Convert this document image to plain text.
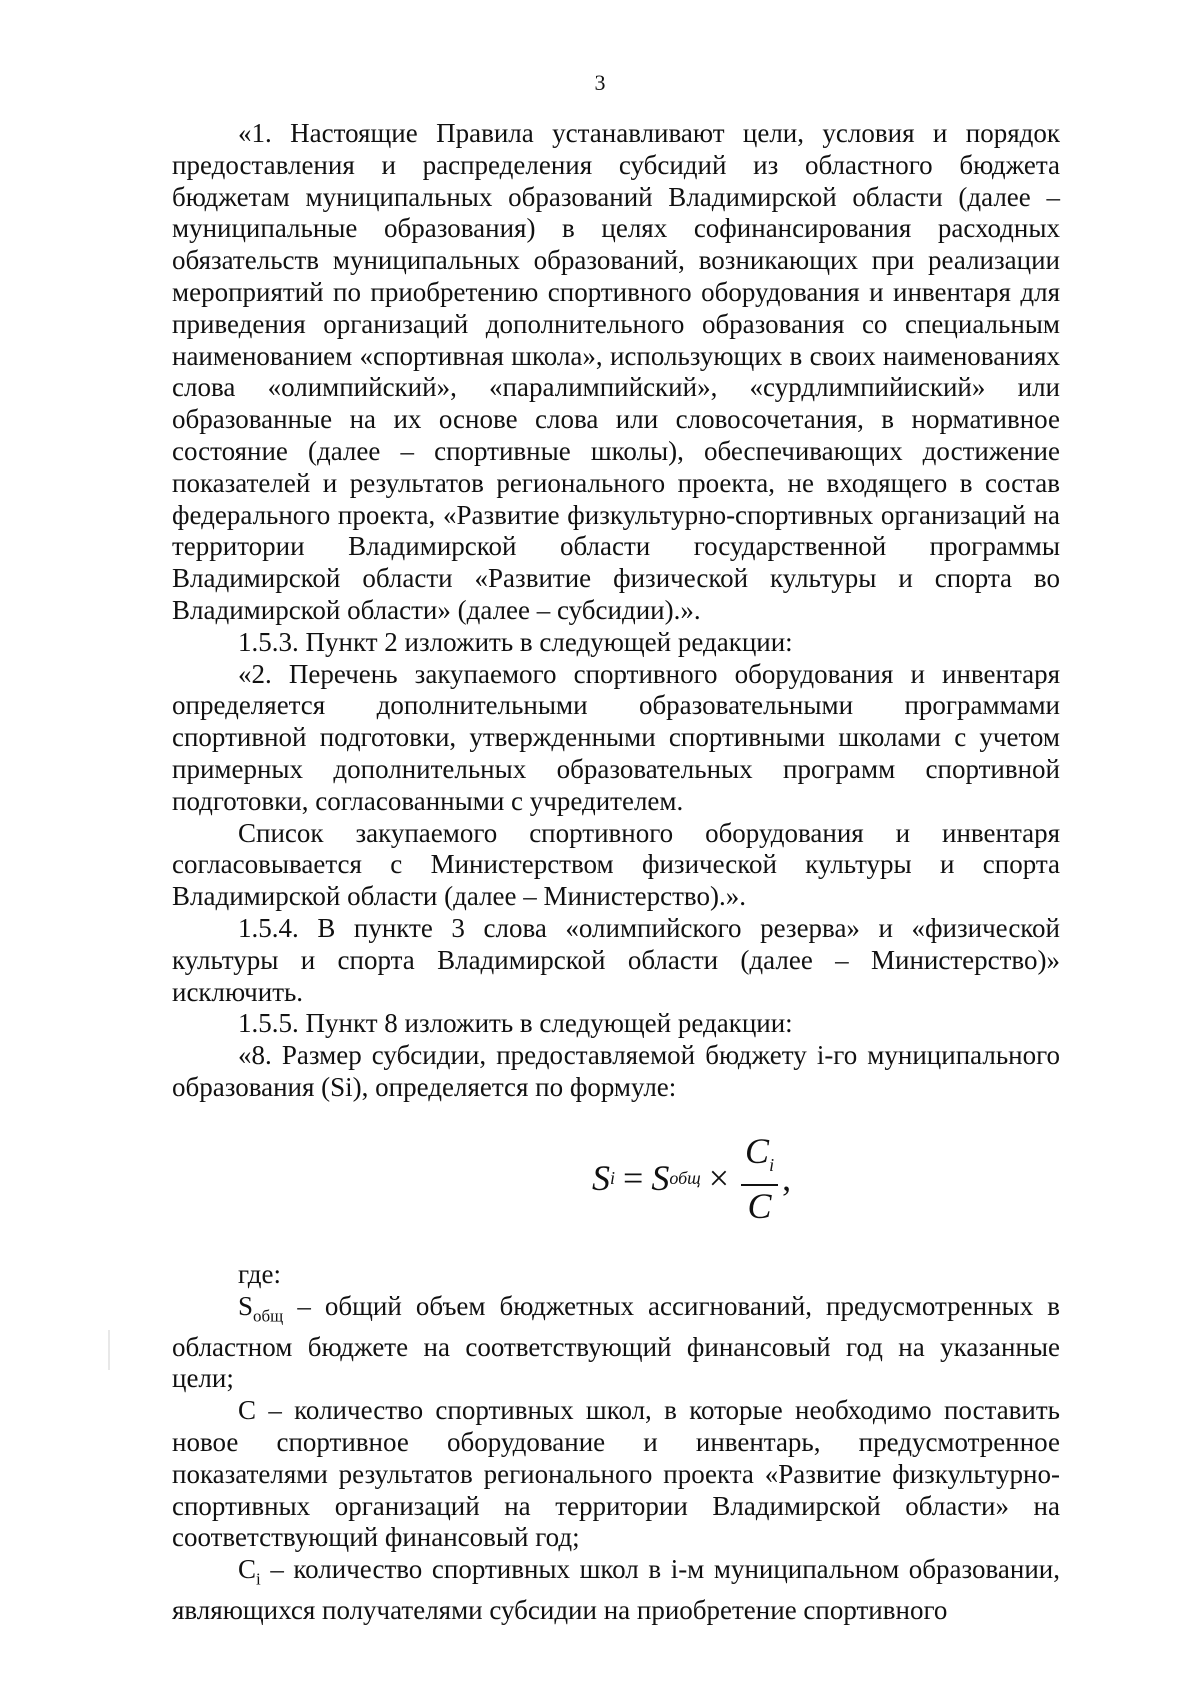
3

«1. Настоящие Правила устанавливают цели, условия и порядок предоставления и распределения субсидий из областного бюджета бюджетам муниципальных образований Владимирской области (далее – муниципальные образования) в целях софинансирования расходных обязательств муниципальных образований, возникающих при реализации мероприятий по приобретению спортивного оборудования и инвентаря для приведения организаций дополнительного образования со специальным наименованием «спортивная школа», использующих в своих наименованиях слова «олимпийский», «паралимпийский», «сурдлимпийиский» или образованные на их основе слова или словосочетания, в нормативное состояние (далее – спортивные школы), обеспечивающих достижение показателей и результатов регионального проекта, не входящего в состав федерального проекта, «Развитие физкультурно-спортивных организаций на территории Владимирской области государственной программы Владимирской области «Развитие физической культуры и спорта во Владимирской области» (далее – субсидии).».

1.5.3. Пункт 2 изложить в следующей редакции:

«2. Перечень закупаемого спортивного оборудования и инвентаря определяется дополнительными образовательными программами спортивной подготовки, утвержденными спортивными школами с учетом примерных дополнительных образовательных программ спортивной подготовки, согласованными с учредителем.

Список закупаемого спортивного оборудования и инвентаря согласовывается с Министерством физической культуры и спорта Владимирской области (далее – Министерство).».

1.5.4. В пункте 3 слова «олимпийского резерва» и «физической культуры и спорта Владимирской области (далее – Министерство)» исключить.

1.5.5. Пункт 8 изложить в следующей редакции:

«8. Размер субсидии, предоставляемой бюджету i-го муниципального образования (Si), определяется по формуле:

S i = S общ × $\frac{C_i}{C}$ ,

где:

$S_{общ}$ – общий объем бюджетных ассигнований, предусмотренных в областном бюджете на соответствующий финансовый год на указанные цели;

C – количество спортивных школ, в которые необходимо поставить новое спортивное оборудование и инвентарь, предусмотренное показателями результатов регионального проекта «Развитие физкультурно-спортивных организаций на территории Владимирской области» на соответствующий финансовый год;

$C_i$ – количество спортивных школ в i-м муниципальном образовании, являющихся получателями субсидии на приобретение спортивного
